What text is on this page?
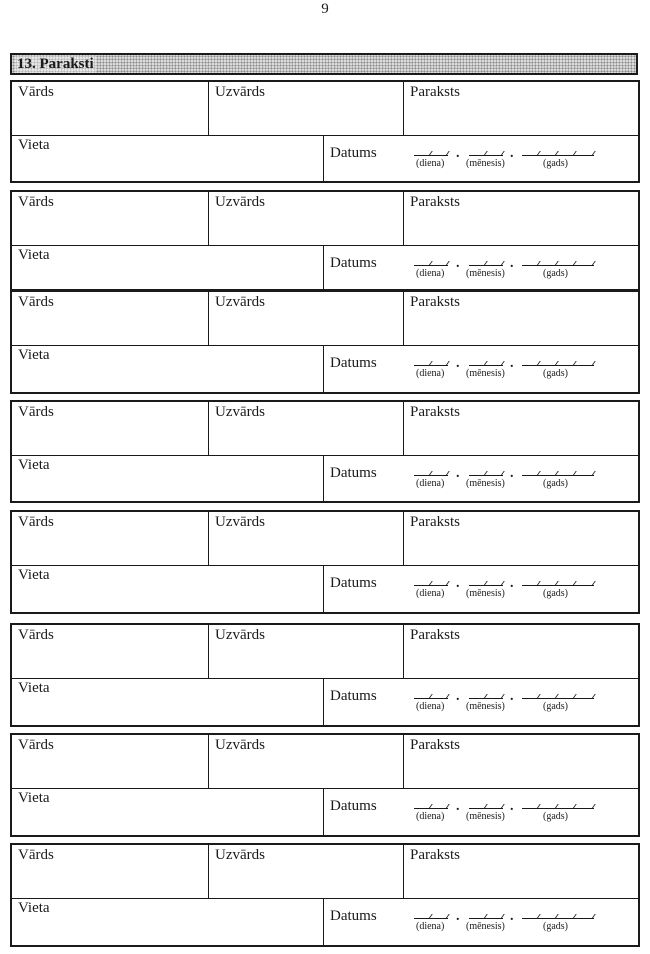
9
13. Paraksti
Vārds	Uzvārds	Paraksts
Vieta	Datums	.	.
(diena) (mēnesis)	(gads)
Vārds	Uzvārds	Paraksts
Vieta	Datums	.	.
(diena) (mēnesis)	(gads)
Vārds	Uzvārds	Paraksts
Vieta	Datums	.	.
(diena) (mēnesis)	(gads)
Vārds	Uzvārds	Paraksts
Vieta	Datums	.	.
(diena) (mēnesis)	(gads)
Vārds	Uzvārds	Paraksts
Vieta	Datums	.	.
(diena) (mēnesis)	(gads)
Vārds	Uzvārds	Paraksts
Vieta	Datums	.	.
(diena) (mēnesis)	(gads)
Vārds	Uzvārds	Paraksts
Vieta	Datums	.	.
(diena) (mēnesis)	(gads)
Vārds	Uzvārds	Paraksts
Vieta	Datums	.	.
(diena) (mēnesis)	(gads)
